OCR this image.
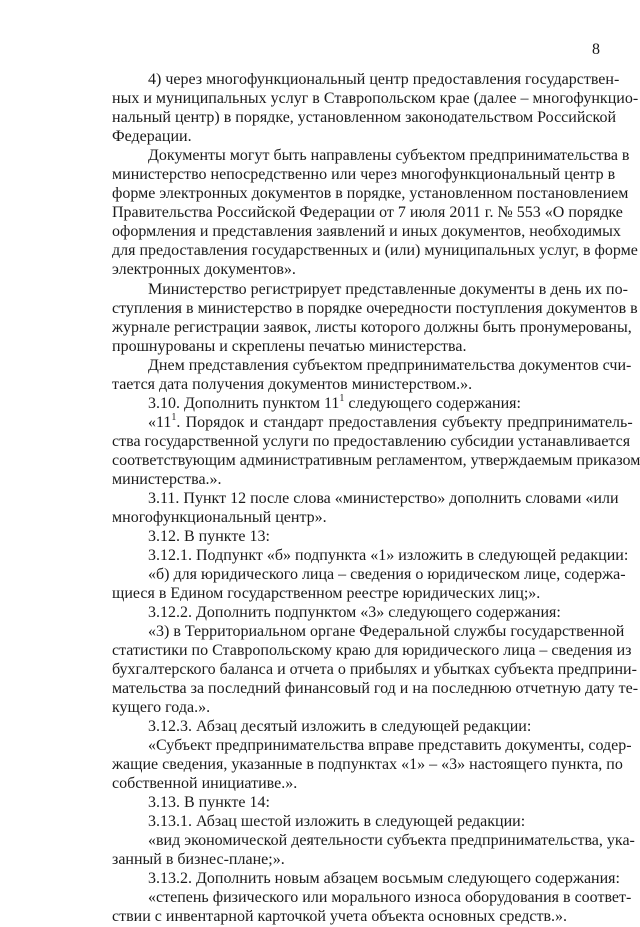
8
4) через многофункциональный центр предоставления государствен-
ных и муниципальных услуг в Ставропольском крае (далее – многофункцио-
нальный центр) в порядке, установленном законодательством Российской
Федерации.
Документы могут быть направлены субъектом предпринимательства в
министерство непосредственно или через многофункциональный центр в
форме электронных документов в порядке, установленном постановлением
Правительства Российской Федерации от 7 июля 2011 г. № 553 «О порядке
оформления и представления заявлений и иных документов, необходимых
для предоставления государственных и (или) муниципальных услуг, в форме
электронных документов».
Министерство регистрирует представленные документы в день их по-
ступления в министерство в порядке очередности поступления документов в
журнале регистрации заявок, листы которого должны быть пронумерованы,
прошнурованы и скреплены печатью министерства.
Днем представления субъектом предпринимательства документов счи-
тается дата получения документов министерством.».
3.10. Дополнить пунктом $11^1$ следующего содержания:
«$11^1$. Порядок и стандарт предоставления субъекту предприниматель-
ства государственной услуги по предоставлению субсидии устанавливается
соответствующим административным регламентом, утверждаемым приказом
министерства.».
3.11. Пункт 12 после слова «министерство» дополнить словами «или
многофункциональный центр».
3.12. В пункте 13:
3.12.1. Подпункт «б» подпункта «1» изложить в следующей редакции:
«б) для юридического лица – сведения о юридическом лице, содержа-
щиеся в Едином государственном реестре юридических лиц;».
3.12.2. Дополнить подпунктом «3» следующего содержания:
«3) в Территориальном органе Федеральной службы государственной
статистики по Ставропольскому краю для юридического лица – сведения из
бухгалтерского баланса и отчета о прибылях и убытках субъекта предприни-
мательства за последний финансовый год и на последнюю отчетную дату те-
кущего года.».
3.12.3. Абзац десятый изложить в следующей редакции:
«Субъект предпринимательства вправе представить документы, содер-
жащие сведения, указанные в подпунктах «1» – «3» настоящего пункта, по
собственной инициативе.».
3.13. В пункте 14:
3.13.1. Абзац шестой изложить в следующей редакции:
«вид экономической деятельности субъекта предпринимательства, ука-
занный в бизнес-плане;».
3.13.2. Дополнить новым абзацем восьмым следующего содержания:
«степень физического или морального износа оборудования в соответ-
ствии с инвентарной карточкой учета объекта основных средств.».
